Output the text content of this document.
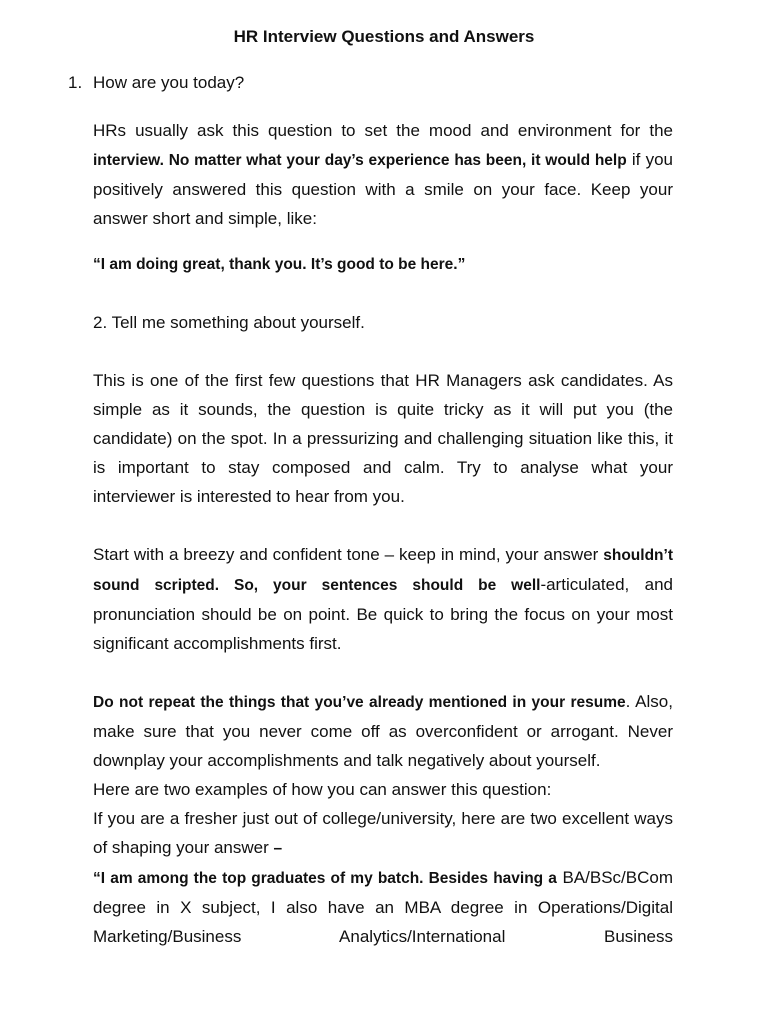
HR Interview Questions and Answers
1. How are you today?

HRs usually ask this question to set the mood and environment for the interview. No matter what your day’s experience has been, it would help if you positively answered this question with a smile on your face. Keep your answer short and simple, like:

“I am doing great, thank you. It’s good to be here.”

2. Tell me something about yourself.

This is one of the first few questions that HR Managers ask candidates. As simple as it sounds, the question is quite tricky as it will put you (the candidate) on the spot. In a pressurizing and challenging situation like this, it is important to stay composed and calm. Try to analyse what your interviewer is interested to hear from you.

Start with a breezy and confident tone – keep in mind, your answer shouldn’t sound scripted. So, your sentences should be well-articulated, and pronunciation should be on point. Be quick to bring the focus on your most significant accomplishments first.

Do not repeat the things that you’ve already mentioned in your resume. Also, make sure that you never come off as overconfident or arrogant. Never downplay your accomplishments and talk negatively about yourself.

Here are two examples of how you can answer this question:

If you are a fresher just out of college/university, here are two excellent ways of shaping your answer –

“I am among the top graduates of my batch. Besides having a BA/BSc/BCom degree in X subject, I also have an MBA degree in Operations/Digital Marketing/Business Analytics/International Business
